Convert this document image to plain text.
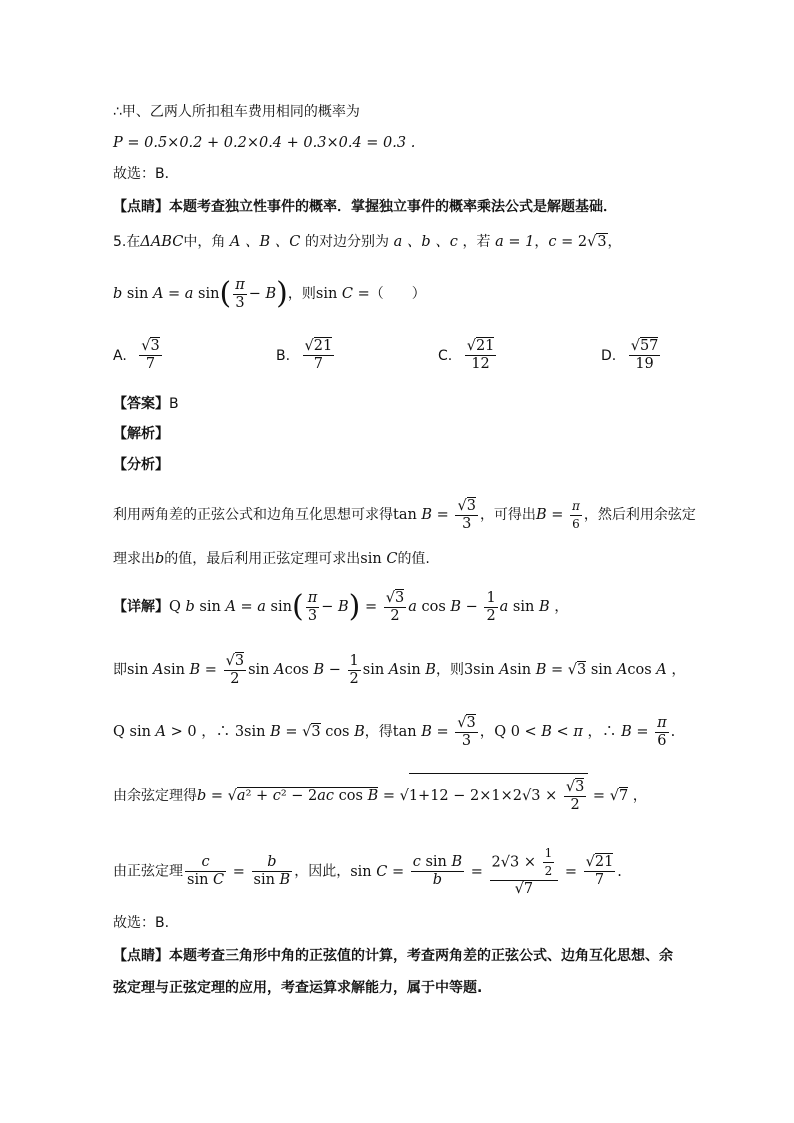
∴甲、乙两人所扣租车费用相同的概率为
P = 0.5×0.2 + 0.2×0.4 + 0.3×0.4 = 0.3 .
故选：B．
【点睛】本题考查独立性事件的概率．掌握独立事件的概率乘法公式是解题基础．
5.在ΔABC中，角 A 、B 、C 的对边分别为 a 、b 、c ，若 a = 1，c = 2√3，
b sin A = a $\sin( \frac{\pi}{3} - B)$，则sin C =（　　）
A. $\frac{√3}{7}$	B. $\frac{√21}{7}$	C. $\frac{√21}{12}$	D. $\frac{√57}{19}$
【答案】B
【解析】
【分析】
利用两角差的正弦公式和边角互化思想可求得$\tan B = \frac{√3}{3}$ ，可得出$B = \frac{\pi}{6}$ ，然后利用余弦定
理求出b的值，最后利用正弦定理可求出sin C的值.
【详解】Q b sin A = a $\sin( \frac{\pi}{3} - B) = \frac{√3}{2}$ a $\cos B - \frac{1}{2}$ a sin B ，
即sin Asin $B = \frac{√3}{2}$ sin Acos $B - \frac{1}{2}$ sin Asin B，则3sin Asin B = √3 sin Acos A ，
Q sin A > 0 ，∴ 3sin B = √3 cos B，得$\tan B = \frac{√3}{3}$ ，Q 0 < B < π ，∴ $B = \frac{\pi}{6}$ .
由余弦定理得b = √a² + c² − 2ac $\cos B = √1+12 - 2\times 1\times 2√3 \times \frac{√3}{2} = √7$ ，
由正弦定理 $\frac{c}{\text{sin C}} = \frac{b}{\text{sin B}}$ ，因此，$\sin C = \frac{\text{c sin B}}{b} = \frac{2√3 \times \frac{1}{2}}{√7} = \frac{√21}{7}$ .
故选：B.
【点睛】本题考查三角形中角的正弦值的计算，考查两角差的正弦公式、边角互化思想、余
弦定理与正弦定理的应用，考查运算求解能力，属于中等题.
